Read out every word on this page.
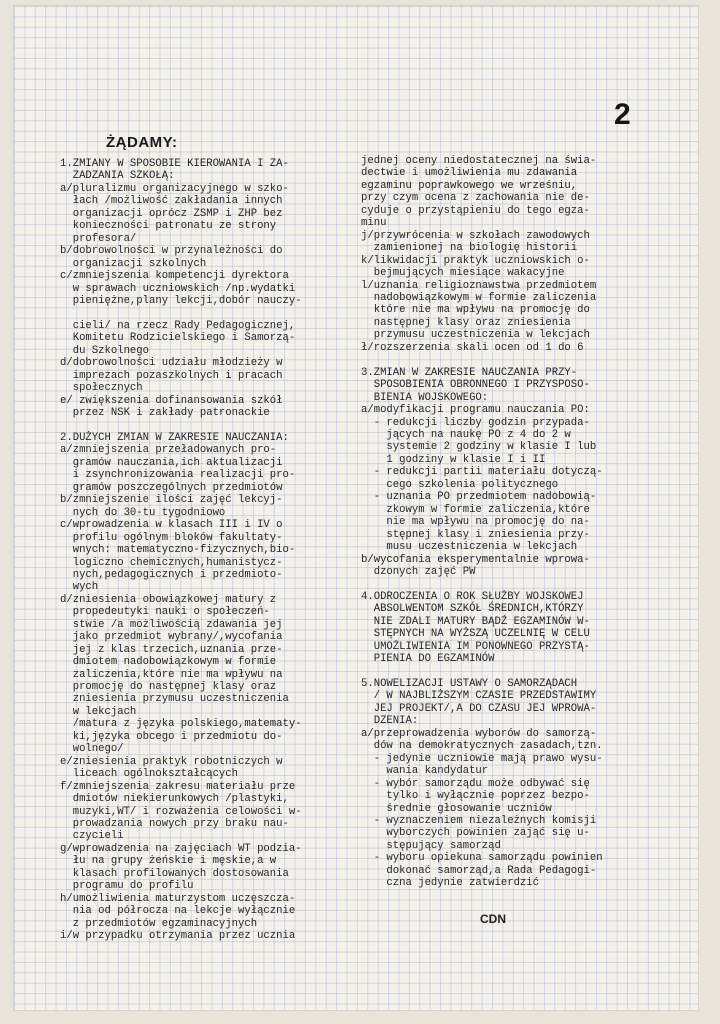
2
ŻĄDAMY:
1.ZMIANY W SPOSOBIE KIEROWANIA I ZA-
ZADZANIA SZKOŁĄ:
a/pluralizmu organizacyjnego w szko-
łach /możliwość zakładania innych
organizacji oprócz ZSMP i ZHP bez
konieczności patronatu ze strony
profesora/
b/dobrowolności w przynależności do
organizacji szkolnych
c/zmniejszenia kompetencji dyrektora
w sprawach uczniowskich /np.wydatki
pieniężne,plany lekcji,dobór nauczy-
cieli/ na rzecz Rady Pedagogicznej,
Komitetu Rodzicielskiego i Samorzą-
du Szkolnego
d/dobrowolności udziału młodzieży w
imprezach pozaszkolnych i pracach
społecznych
e/ zwiększenia dofinansowania szkół
przez NSK i zakłady patronackie
2.DUŻYCH ZMIAN W ZAKRESIE NAUCZANIA:
a/zmniejszenia przeładowanych pro-
gramów nauczania,ich aktualizacji
i zsynchronizowania realizacji pro-
gramów poszczególnych przedmiotów
b/zmniejszenie ilości zajęć lekcyj-
nych do 30-tu tygodniowo
c/wprowadzenia w klasach III i IV o
profilu ogólnym bloków fakultaty-
wnych: matematyczno-fizycznych,bio-
logiczno chemicznych,humanistycz-
nych,pedagogicznych i przedmioto-
wych
d/zniesienia obowiązkowej matury z
propedeutyki nauki o społeczeń-
stwie /a możliwością zdawania jej
jako przedmiot wybrany/,wycofania
jej z klas trzecich,uznania prze-
dmiotem nadobowiązkowym w formie
zaliczenia,które nie ma wpływu na
promocję do następnej klasy oraz
zniesienia przymusu uczestniczenia
w lekcjach
/matura z języka polskiego,matematy-
ki,języka obcego i przedmiotu do-
wolnego/
e/zniesienia praktyk robotniczych w
liceach ogólnokształcących
f/zmniejszenia zakresu materiału prze
dmiotów niekierunkowych /plastyki,
muzyki,WT/ i rozważenia celowości w-
prowadzania nowych przy braku nau-
czycieli
g/wprowadzenia na zajęciach WT podzia-
łu na grupy żeńskie i męskie,a w
klasach profilowanych dostosowania
programu do profilu
h/umożliwienia maturzystom uczęszcza-
nia od półrocza na lekcje wyłącznie
z przedmiotów egzaminacyjnych
i/w przypadku otrzymania przez ucznia
jednej oceny niedostatecznej na świa-
dectwie i umożliwienia mu zdawania
egzaminu poprawkowego we wrześniu,
przy czym ocena z zachowania nie de-
cyduje o przystąpieniu do tego egza-
minu
j/przywrócenia w szkołach zawodowych
zamienionej na biologię historii
k/likwidacji praktyk uczniowskich o-
bejmujących miesiące wakacyjne
l/uznania religioznawstwa przedmiotem
nadobowiązkowym w formie zaliczenia
które nie ma wpływu na promocję do
następnej klasy oraz zniesienia
przymusu uczestniczenia w lekcjach
ł/rozszerzenia skali ocen od 1 do 6
3.ZMIAN W ZAKRESIE NAUCZANIA PRZY-
SPOSOBIENIA OBRONNEGO I PRZYSPOSO-
BIENIA WOJSKOWEGO:
a/modyfikacji programu nauczania PO:
- redukcji liczby godzin przypada-
jących na naukę PO z 4 do 2 w
systemie 2 godziny w klasie I lub
1 godziny w klasie I i II
- redukcji partii materiału dotyczą-
cego szkolenia politycznego
- uznania PO przedmiotem nadobowią-
zkowym w formie zaliczenia,które
nie ma wpływu na promocję do na-
stępnej klasy i zniesienia przy-
musu uczestniczenia w lekcjach
b/wycofania eksperymentalnie wprowa-
dzonych zajęć PW
4.ODROCZENIA O ROK SŁUŻBY WOJSKOWEJ
ABSOLWENTOM SZKÓŁ ŚREDNICH,KTÓRZY
NIE ZDALI MATURY BĄDŹ EGZAMINÓW W-
STĘPNYCH NA WYŻSZĄ UCZELNIĘ W CELU
UMOŻLIWIENIA IM PONOWNEGO PRZYSTĄ-
PIENIA DO EGZAMINÓW
5.NOWELIZACJI USTAWY O SAMORZĄDACH
/ W NAJBLIŻSZYM CZASIE PRZEDSTAWIMY
JEJ PROJEKT/,A DO CZASU JEJ WPROWA-
DZENIA:
a/przeprowadzenia wyborów do samorzą-
dów na demokratycznych zasadach,tzn.
- jedynie uczniowie mają prawo wysu-
wania kandydatur
- wybór samorządu może odbywać się
tylko i wyłącznie poprzez bezpo-
średnie głosowanie uczniów
- wyznaczeniem niezależnych komisji
wyborczych powinien zająć się u-
stępujący samorząd
- wyboru opiekuna samorządu powinien
dokonać samorząd,a Rada Pedagogi-
czna jedynie zatwierdzić
CDN
